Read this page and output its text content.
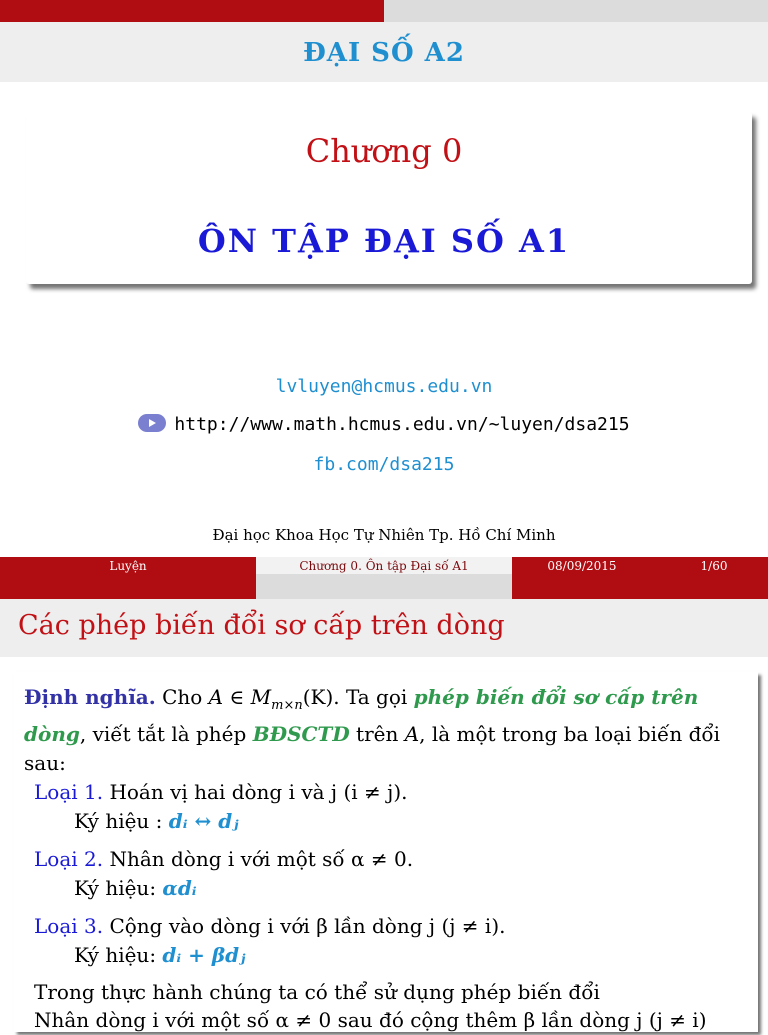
ĐẠI SỐ A2
Chương 0
ÔN TẬP ĐẠI SỐ A1
lvluyen@hcmus.edu.vn
http://www.math.hcmus.edu.vn/∼luyen/dsa215
fb.com/dsa215
Đại học Khoa Học Tự Nhiên Tp. Hồ Chí Minh
Luyện	Chương 0. Ôn tập Đại số A1	08/09/2015	1/60
Các phép biến đổi sơ cấp trên dòng
Định nghĩa. Cho A ∈ $M_{m\times n}(K)$. Ta gọi phép biến đổi sơ cấp trên dòng, viết tắt là phép BĐSCTD trên A, là một trong ba loại biến đổi sau:
Loại 1. Hoán vị hai dòng i và j (i ≠ j).
Ký hiệu : dᵢ ↔ dⱼ
Loại 2. Nhân dòng i với một số α ≠ 0.
Ký hiệu: αdᵢ
Loại 3. Cộng vào dòng i với β lần dòng j (j ≠ i).
Ký hiệu: dᵢ + βdⱼ
Trong thực hành chúng ta có thể sử dụng phép biến đổi
Nhân dòng i với một số α ≠ 0 sau đó cộng thêm β lần dòng j (j ≠ i)
